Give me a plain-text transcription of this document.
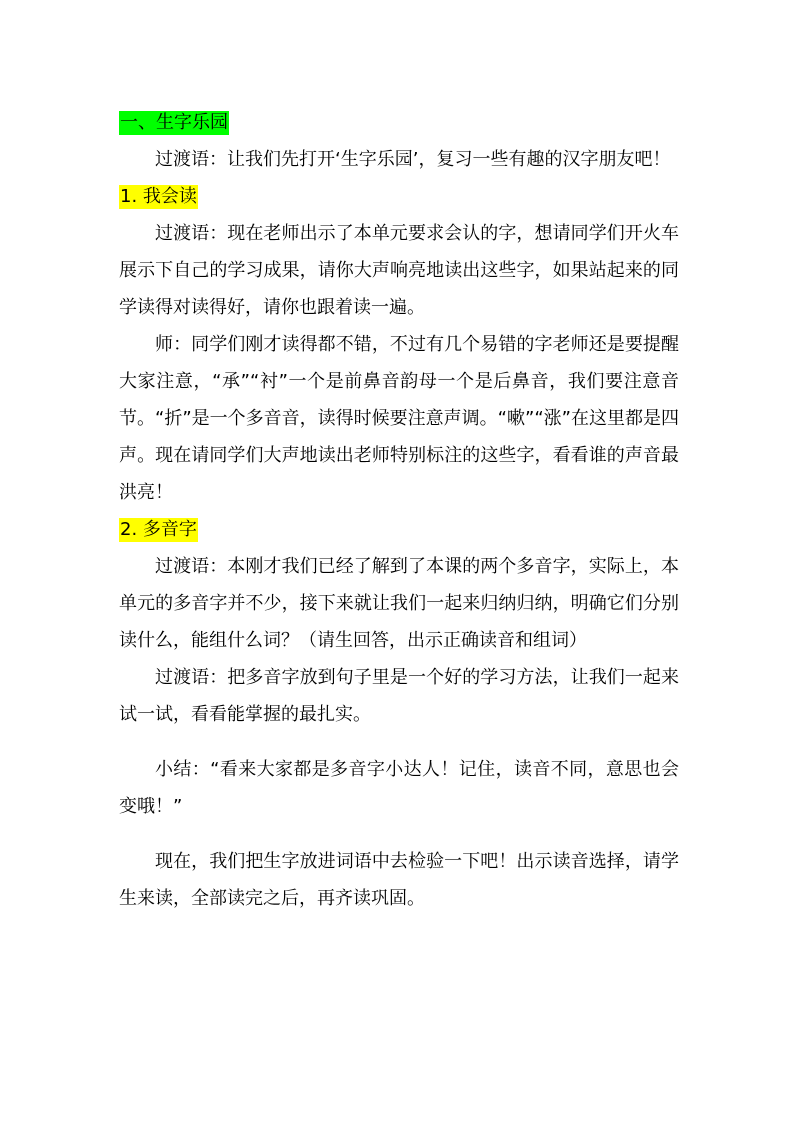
一、生字乐园

过渡语：让我们先打开‘生字乐园’，复习一些有趣的汉字朋友吧！

1. 我会读

过渡语：现在老师出示了本单元要求会认的字，想请同学们开火车展示下自己的学习成果，请你大声响亮地读出这些字，如果站起来的同学读得对读得好，请你也跟着读一遍。

师：同学们刚才读得都不错，不过有几个易错的字老师还是要提醒大家注意，“承”“衬”一个是前鼻音韵母一个是后鼻音，我们要注意音节。“折”是一个多音音，读得时候要注意声调。“嗽”“涨”在这里都是四声。现在请同学们大声地读出老师特别标注的这些字，看看谁的声音最洪亮！

2. 多音字

过渡语：本刚才我们已经了解到了本课的两个多音字，实际上，本单元的多音字并不少，接下来就让我们一起来归纳归纳，明确它们分别读什么，能组什么词？（请生回答，出示正确读音和组词）

过渡语：把多音字放到句子里是一个好的学习方法，让我们一起来试一试，看看能掌握的最扎实。

小结：“看来大家都是多音字小达人！记住，读音不同，意思也会变哦！”

现在，我们把生字放进词语中去检验一下吧！出示读音选择，请学生来读，全部读完之后，再齐读巩固。
